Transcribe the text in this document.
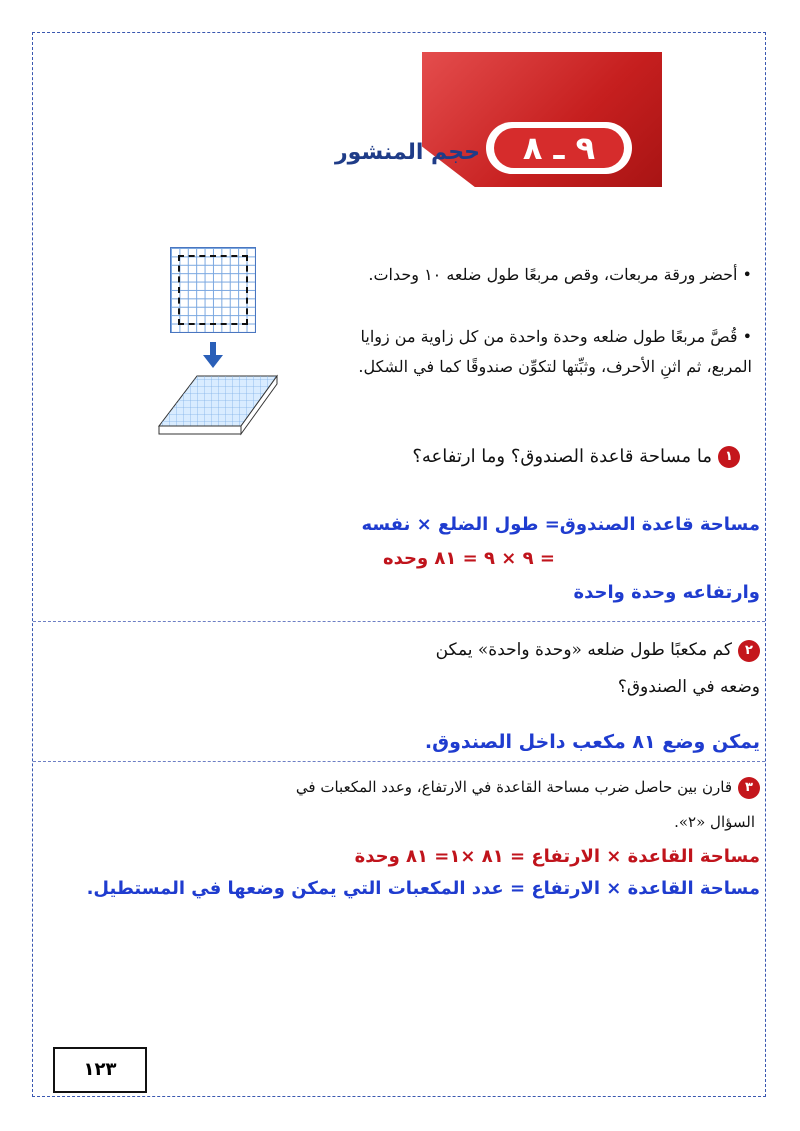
٩ ـ ٨
حجم المنشور
• أحضر ورقة مربعات، وقص مربعًا طول ضلعه ١٠ وحدات.
• قُصَّ مربعًا طول ضلعه وحدة واحدة من كل زاوية من زوايا المربع، ثم اثنِ الأحرف، وثبِّتها لتكوِّن صندوقًا كما في الشكل.
١ما مساحة قاعدة الصندوق؟ وما ارتفاعه؟
مساحة قاعدة الصندوق= طول الضلع × نفسه
= ٩ × ٩ = ٨١ وحده
وارتفاعه وحدة واحدة
٢كم مكعبًا طول ضلعه «وحدة واحدة» يمكن
وضعه في الصندوق؟
يمكن وضع ٨١ مكعب داخل الصندوق.
٣قارن بين حاصل ضرب مساحة القاعدة في الارتفاع، وعدد المكعبات في
السؤال «٢».
مساحة القاعدة × الارتفاع = ٨١ ×١= ٨١ وحدة
مساحة القاعدة × الارتفاع = عدد المكعبات التي يمكن وضعها في المستطيل.
١٢٣
